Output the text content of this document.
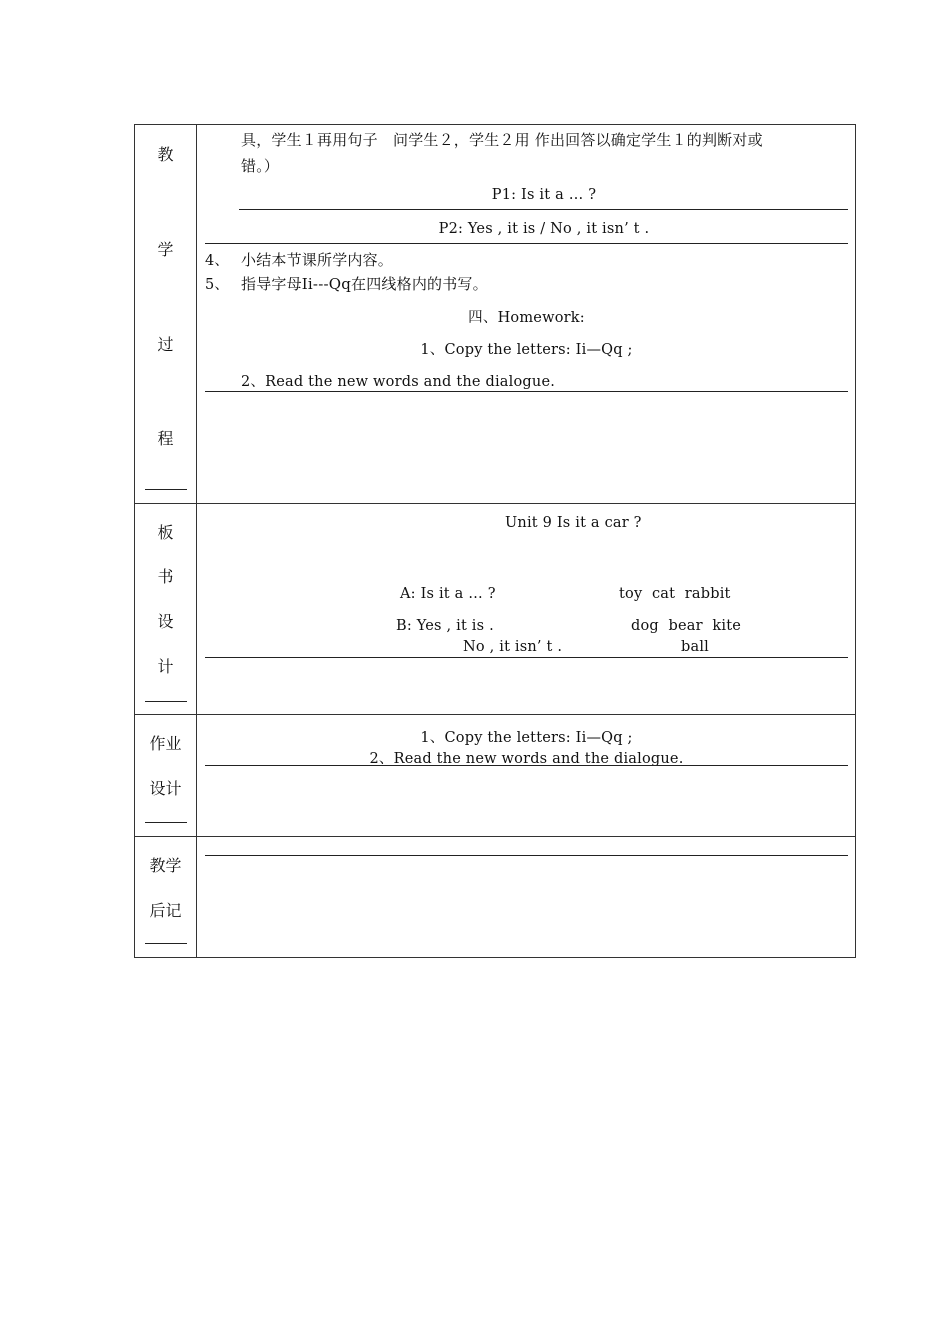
教
学
过
程
具，学生１再用句子　问学生２，学生２用 作出回答以确定学生１的判断对或
错。）
P1: Is it a … ?
P2: Yes , it is / No , it isn’ t .
4、 小结本节课所学内容。
5、 指导字母Ii---Qq在四线格内的书写。
四、Homework:
1、Copy the letters: Ii—Qq ;
2、Read the new words and the dialogue.
板
书
设
计
Unit 9 Is it a car ?
A: Is it a … ?	toy  cat  rabbit
B: Yes , it is .	dog  bear  kite
No , it isn’ t .	ball
作业
设计
1、Copy the letters: Ii—Qq ;
2、Read the new words and the dialogue.
教学
后记
